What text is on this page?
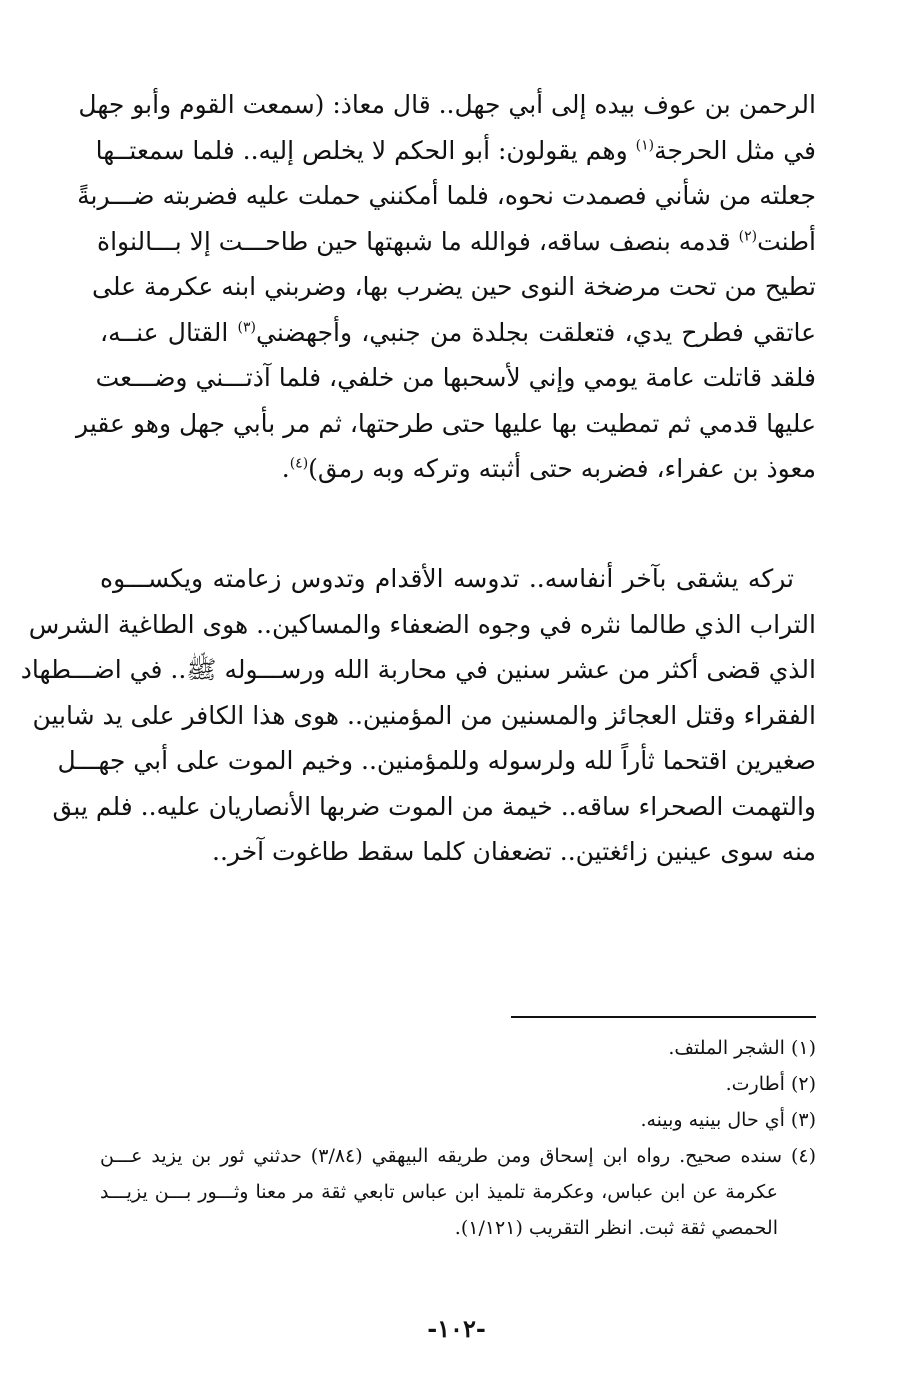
الرحمن بن عوف بيده إلى أبي جهل.. قال معاذ: (سمعت القوم وأبو جهل
في مثل الحرجة$^{(١)}$ وهم يقولون: أبو الحكم لا يخلص إليه.. فلما سمعتــها
جعلته من شأني فصمدت نحوه، فلما أمكنني حملت عليه فضربته ضـــربةً
أطنت$^{(٢)}$ قدمه بنصف ساقه، فوالله ما شبهتها حين طاحـــت إلا بـــالنواة
تطيح من تحت مرضخة النوى حين يضرب بها، وضربني ابنه عكرمة على
عاتقي فطرح يدي، فتعلقت بجلدة من جنبي، وأجهضني$^{(٣)}$ القتال عنــه،
فلقد قاتلت عامة يومي وإني لأسحبها من خلفي، فلما آذتـــني وضـــعت
عليها قدمي ثم تمطيت بها عليها حتى طرحتها، ثم مر بأبي جهل وهو عقير
معوذ بن عفراء، فضربه حتى أثبته وتركه وبه رمق)$^{(٤)}$.
تركه يشقى بآخر أنفاسه.. تدوسه الأقدام وتدوس زعامته ويكســـوه
التراب الذي طالما نثره في وجوه الضعفاء والمساكين.. هوى الطاغية الشرس
الذي قضى أكثر من عشر سنين في محاربة الله ورســـوله ﷺ.. في اضـــطهاد
الفقراء وقتل العجائز والمسنين من المؤمنين.. هوى هذا الكافر على يد شابين
صغيرين اقتحما ثأراً لله ولرسوله وللمؤمنين.. وخيم الموت على أبي جهـــل
والتهمت الصحراء ساقه.. خيمة من الموت ضربها الأنصاريان عليه.. فلم يبق
منه سوى عينين زائغتين.. تضعفان كلما سقط طاغوت آخر..
(١) الشجر الملتف.
(٢) أطارت.
(٣) أي حال بينيه وبينه.
(٤) سنده صحيح. رواه ابن إسحاق ومن طريقه البيهقي (٣/٨٤) حدثني ثور بن يزيد عـــن
عكرمة عن ابن عباس، وعكرمة تلميذ ابن عباس تابعي ثقة مر معنا وثـــور بـــن يزيـــد
الحمصي ثقة ثبت. انظر التقريب (١/١٢١).
-١٠٢-
